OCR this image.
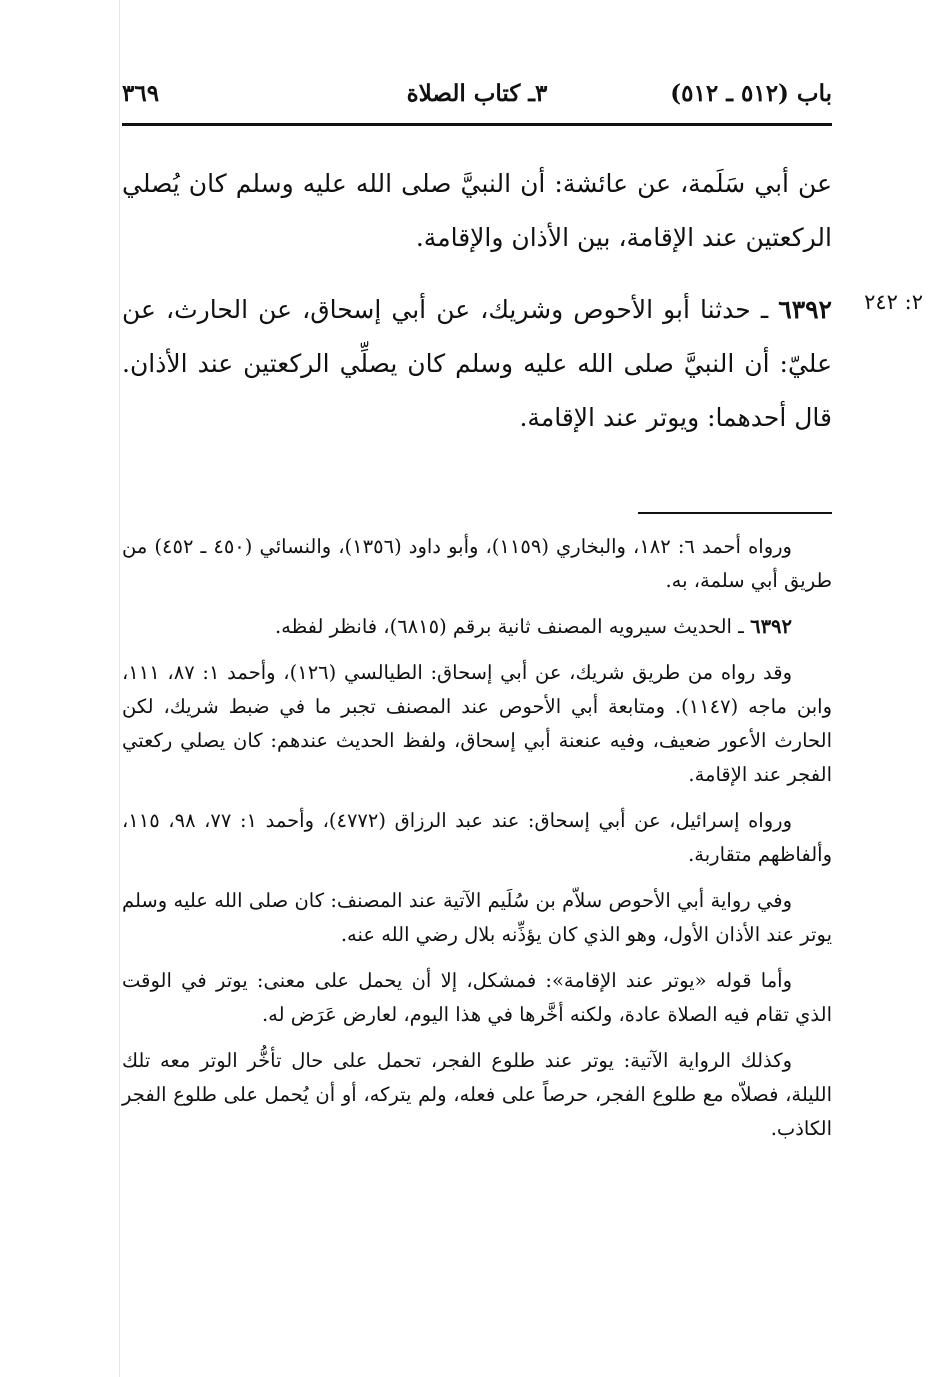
باب (٥١٢ ـ ٥١٢)
٣ـ كتاب الصلاة
٣٦٩

عن أبي سَلَمة، عن عائشة: أن النبيَّ صلى الله عليه وسلم كان يُصلي الركعتين عند الإقامة، بين الأذان والإقامة.

٢: ٢٤٢

٦٣٩٢ ـ حدثنا أبو الأحوص وشريك، عن أبي إسحاق، عن الحارث، عن عليّ: أن النبيَّ صلى الله عليه وسلم كان يصلِّي الركعتين عند الأذان. قال أحدهما: ويوتر عند الإقامة.

ورواه أحمد ٦: ١٨٢، والبخاري (١١٥٩)، وأبو داود (١٣٥٦)، والنسائي (٤٥٠ ـ ٤٥٢) من طريق أبي سلمة، به.

٦٣٩٢ ـ الحديث سيرويه المصنف ثانية برقم (٦٨١٥)، فانظر لفظه.

وقد رواه من طريق شريك، عن أبي إسحاق: الطيالسي (١٢٦)، وأحمد ١: ٨٧، ١١١، وابن ماجه (١١٤٧). ومتابعة أبي الأحوص عند المصنف تجبر ما في ضبط شريك، لكن الحارث الأعور ضعيف، وفيه عنعنة أبي إسحاق، ولفظ الحديث عندهم: كان يصلي ركعتي الفجر عند الإقامة.

ورواه إسرائيل، عن أبي إسحاق: عند عبد الرزاق (٤٧٧٢)، وأحمد ١: ٧٧، ٩٨، ١١٥، وألفاظهم متقاربة.

وفي رواية أبي الأحوص سلاّم بن سُلَيم الآتية عند المصنف: كان صلى الله عليه وسلم يوتر عند الأذان الأول، وهو الذي كان يؤذِّنه بلال رضي الله عنه.

وأما قوله «يوتر عند الإقامة»: فمشكل، إلا أن يحمل على معنى: يوتر في الوقت الذي تقام فيه الصلاة عادة، ولكنه أخَّرها في هذا اليوم، لعارض عَرَض له.

وكذلك الرواية الآتية: يوتر عند طلوع الفجر، تحمل على حال تأخُّر الوتر معه تلك الليلة، فصلاّه مع طلوع الفجر، حرصاً على فعله، ولم يتركه، أو أن يُحمل على طلوع الفجر الكاذب.
